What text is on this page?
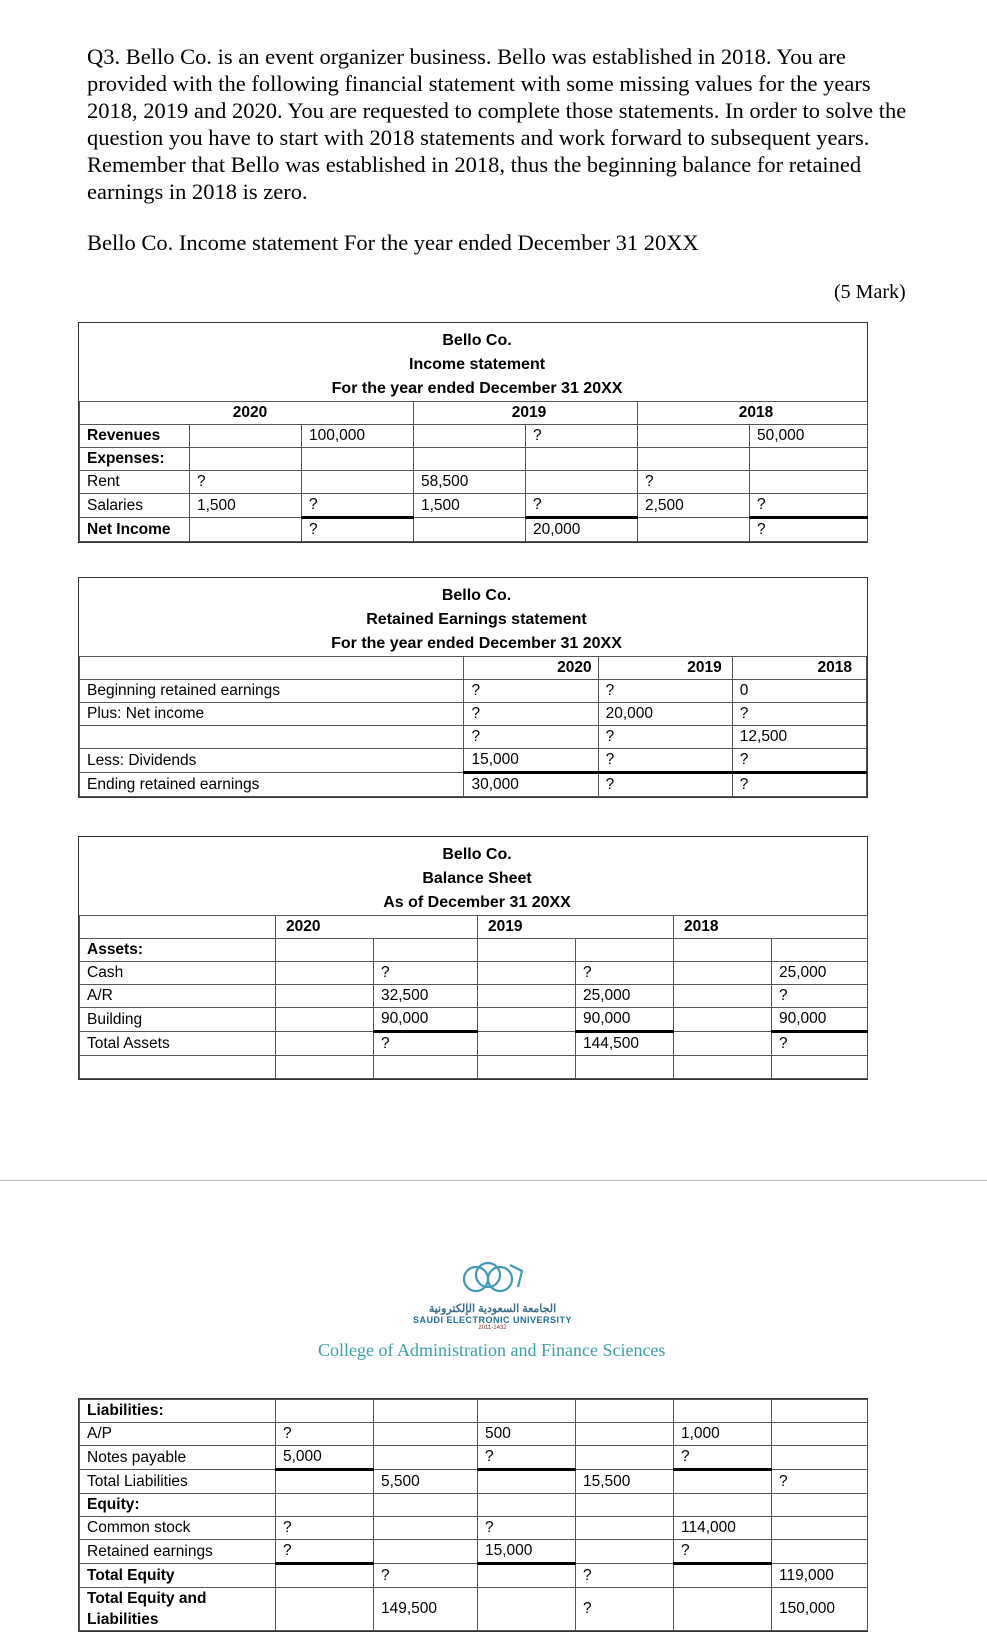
Q3. Bello Co. is an event organizer business. Bello was established in 2018. You are provided with the following financial statement with some missing values for the years 2018, 2019 and 2020. You are requested to complete those statements. In order to solve the question you have to start with 2018 statements and work forward to subsequent years. Remember that Bello was established in 2018, thus the beginning balance for retained earnings in 2018 is zero.
Bello Co. Income statement For the year ended December 31 20XX
(5 Mark)
Bello Co.
Income statement
For the year ended December 31 20XX						

2020			2019		2018	
Revenues		100,000		?		50,000
Expenses:						
Rent	?		58,500		?	
Salaries	1,500	?	1,500	?	2,500	?
Net Income		?		20,000		?
Bello Co.
Retained Earnings statement
For the year ended December 31 20XX			

	2020	2019	2018
Beginning retained earnings	?	?	0
Plus: Net income	?	20,000	?
	?	?	12,500
Less: Dividends	15,000	?	?
Ending retained earnings	30,000	?	?
Bello Co.
Balance Sheet
As of December 31 20XX						

	2020		2019		2018	
Assets:						
Cash		?		?		25,000
A/R		32,500		25,000		?
Building		90,000		90,000		90,000
Total Assets		?		144,500		?

الجامعة السعودية الإلكترونية
SAUDI ELECTRONIC UNIVERSITY
2011-1432
College of Administration and Finance Sciences
Liabilities:						
A/P	?		500		1,000	
Notes payable	5,000		?		?	
Total Liabilities		5,500		15,500		?
Equity:						
Common stock	?		?		114,000	
Retained earnings	?		15,000		?	
Total Equity		?		?		119,000
Total Equity and Liabilities		149,500		?		150,000
